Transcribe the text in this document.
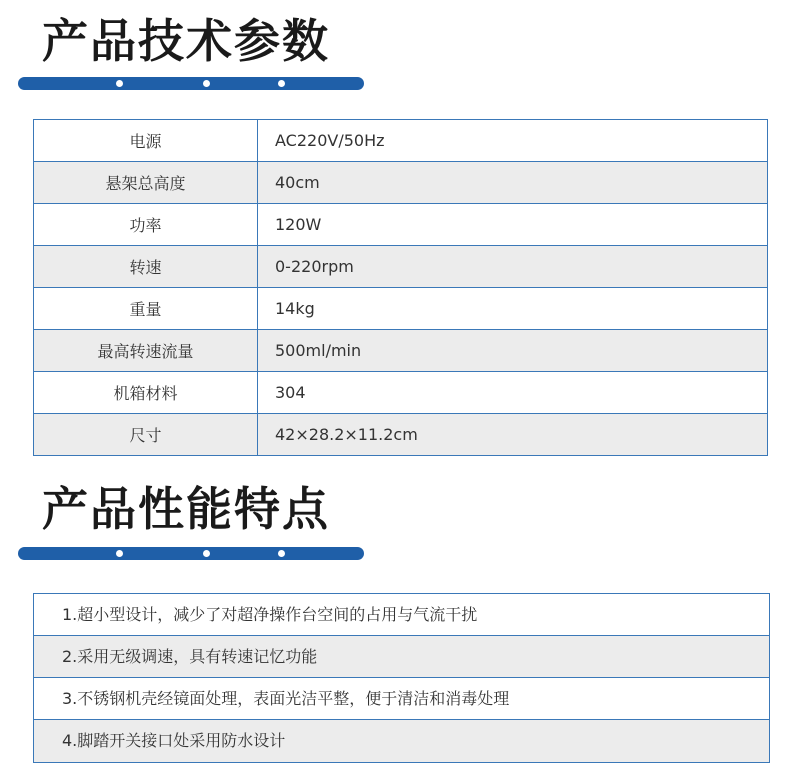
产品技术参数
电源	AC220V/50Hz
悬架总高度	40cm
功率	120W
转速	0-220rpm
重量	14kg
最高转速流量	500ml/min
机箱材料	304
尺寸	42×28.2×11.2cm
产品性能特点
1.超小型设计，减少了对超净操作台空间的占用与气流干扰
2.采用无级调速，具有转速记忆功能
3.不锈钢机壳经镜面处理，表面光洁平整，便于清洁和消毒处理
4.脚踏开关接口处采用防水设计
